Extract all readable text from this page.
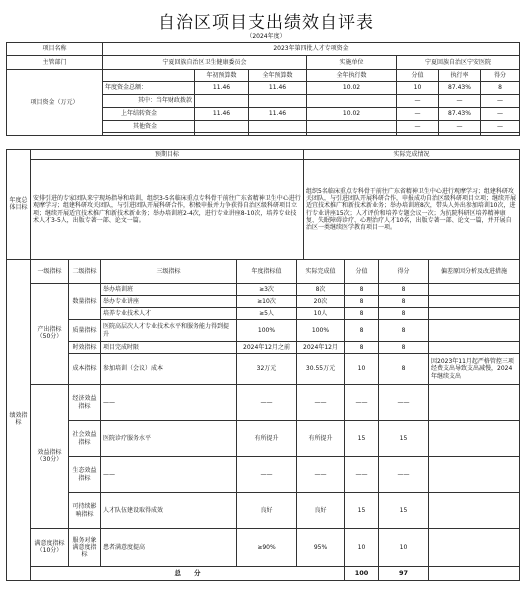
自治区项目支出绩效自评表
（2024年度）
项目名称	2023年第四批人才专项资金						
主管部门	宁夏回族自治区卫生健康委员会			实施单位	宁夏回族自治区宁安医院		
项目资金（万元）		年初预算数	全年预算数	全年执行数	分值	执行率	得分
	年度资金总额：	11.46	11.46	10.02	10	87.43%	8
	其中：当年财政拨款				—	—	—
	上年结转资金	11.46	11.46	10.02	—	87.43%	—
	其他资金				—	—	—

年度总体目标	预期目标	实际完成情况
	安排引进的专家团队来宁现场指导和培训，组织3-5名临床重点专科骨干前往广东省精神卫生中心进行观摩学习；组建科研攻关团队，与引进团队开展科研合作，积极申报并力争获得自治区级科研项目立项；继续开展适宜技术推广和新技术新业务；举办培训班2-4次，进行专业讲座8-10次，培养专业技术人才3-5人，出版专著一部、论文一篇。	组织5名临床重点专科骨干前往广东省精神卫生中心进行观摩学习；组建科研攻关团队，与引进团队开展科研合作，申报成功自治区级科研项目立项；继续开展适宜技术推广和新技术新业务；举办培训班8次，带头人外出参加培训10次，进行专业讲座15次；人才评价和培养专题会议一次；为抗院科研区培养精神康复、失眠障碍诊疗、心理治疗人才10名，出版专著一部、论文一篇，并开展自治区一类继续医学教育项目一项。
绩效指标	一级指标	二级指标	三级指标	年度指标值	实际完成值	分值	得分	偏差原因分析及改进措施
	产出指标（50分）	数量指标	举办培训班	≥3次	8次	8	8	
			举办专业讲座	≥10次	20次	8	8	
			培养专业技术人才	≥5人	10人	8	8	
		质量指标	医院高层次人才专业技术水平和服务能力得到提升	100%	100%	8	8	
		时效指标	项目完成时限	2024年12月之前	2024年12月	8	8	
		成本指标	参加培训（会议）成本	32万元	30.55万元	10	8	因2023年11月起严格管控三项经费支出导致支出减慢，2024年继续支出

	效益指标（30分）	经济效益指标	——	——	——	——	——	
		社会效益指标	医院诊疗服务水平	有所提升	有所提升	15	15	
		生态效益指标	——	——	——	——	——	
		可持续影响指标	人才队伍建设取得成效	良好	良好	15	15	
	满意度指标（10分）	服务对象满意度指标	患者满意度提高	≥90%	95%	10	10	
	总　　分					100	97	
